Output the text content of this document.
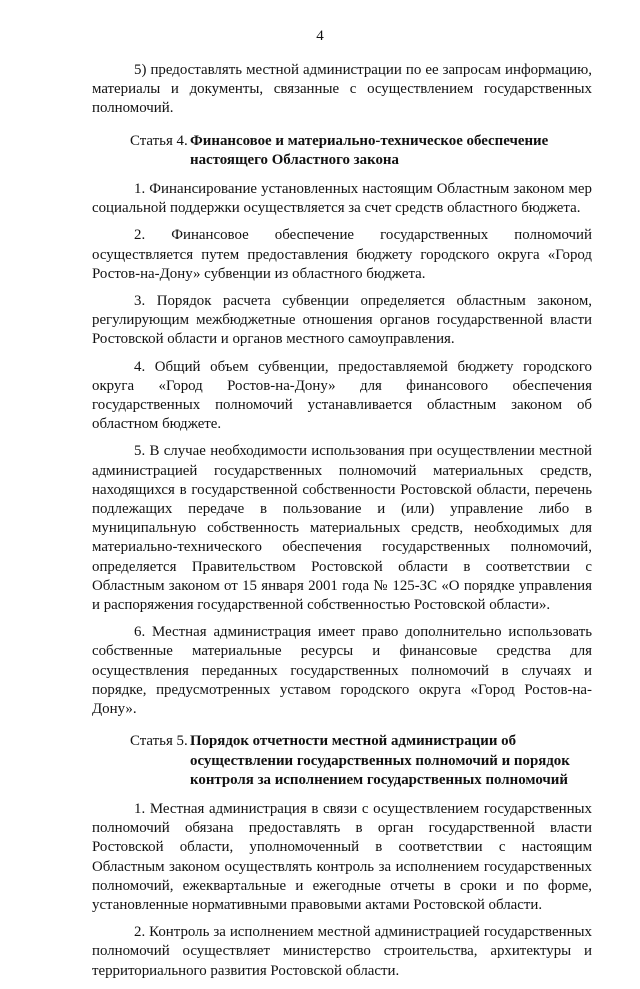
4

5) предоставлять местной администрации по ее запросам информацию, материалы и документы, связанные с осуществлением государственных полномочий.

Статья 4. Финансовое и материально-техническое обеспечение настоящего Областного закона

1. Финансирование установленных настоящим Областным законом мер социальной поддержки осуществляется за счет средств областного бюджета.

2. Финансовое обеспечение государственных полномочий осуществляется путем предоставления бюджету городского округа «Город Ростов-на-Дону» субвенции из областного бюджета.

3. Порядок расчета субвенции определяется областным законом, регулирующим межбюджетные отношения органов государственной власти Ростовской области и органов местного самоуправления.

4. Общий объем субвенции, предоставляемой бюджету городского округа «Город Ростов-на-Дону» для финансового обеспечения государственных полномочий устанавливается областным законом об областном бюджете.

5. В случае необходимости использования при осуществлении местной администрацией государственных полномочий материальных средств, находящихся в государственной собственности Ростовской области, перечень подлежащих передаче в пользование и (или) управление либо в муниципальную собственность материальных средств, необходимых для материально-технического обеспечения государственных полномочий, определяется Правительством Ростовской области в соответствии с Областным законом от 15 января 2001 года № 125-ЗС «О порядке управления и распоряжения государственной собственностью Ростовской области».

6. Местная администрация имеет право дополнительно использовать собственные материальные ресурсы и финансовые средства для осуществления переданных государственных полномочий в случаях и порядке, предусмотренных уставом городского округа «Город Ростов-на-Дону».

Статья 5. Порядок отчетности местной администрации об осуществлении государственных полномочий и порядок контроля за исполнением государственных полномочий

1. Местная администрация в связи с осуществлением государственных полномочий обязана предоставлять в орган государственной власти Ростовской области, уполномоченный в соответствии с настоящим Областным законом осуществлять контроль за исполнением государственных полномочий, ежеквартальные и ежегодные отчеты в сроки и по форме, установленные нормативными правовыми актами Ростовской области.

2. Контроль за исполнением местной администрацией государственных полномочий осуществляет министерство строительства, архитектуры и территориального развития Ростовской области.
